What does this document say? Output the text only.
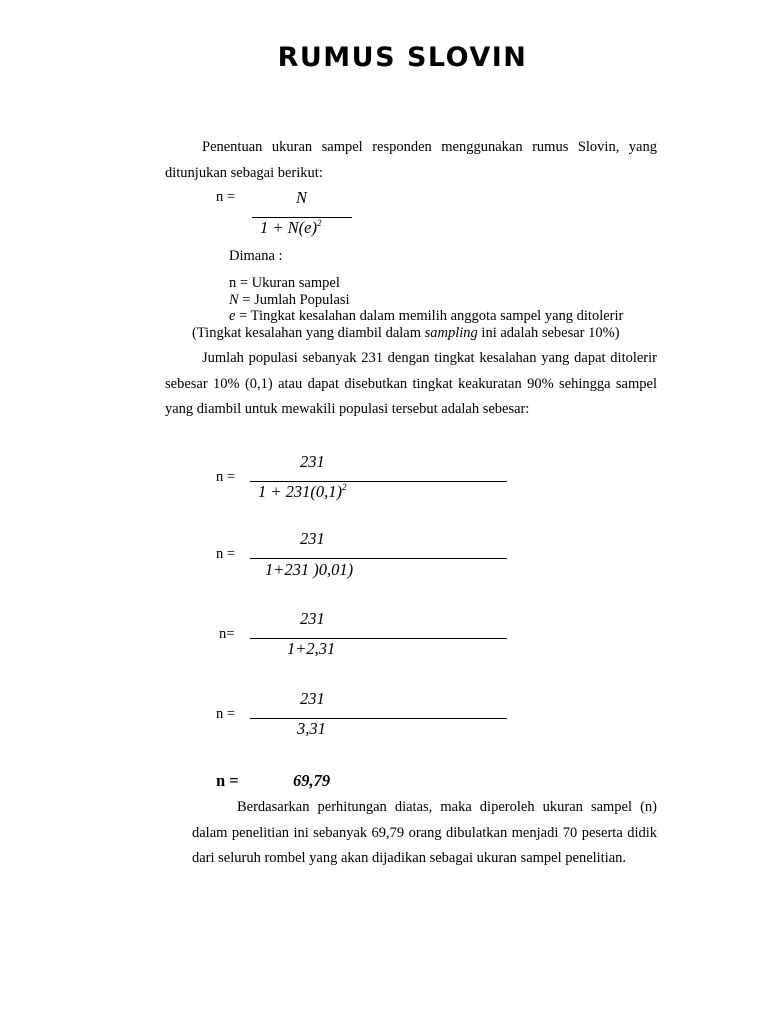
RUMUS SLOVIN
Penentuan ukuran sampel responden menggunakan rumus Slovin, yang ditunjukan sebagai berikut:
n =	N
$1 + N(e)^2$
Dimana :
n = Ukuran sampel
N = Jumlah Populasi
e = Tingkat kesalahan dalam memilih anggota sampel yang ditolerir
(Tingkat kesalahan yang diambil dalam sampling ini adalah sebesar 10%)
Jumlah populasi sebanyak 231 dengan tingkat kesalahan yang dapat ditolerir sebesar 10% (0,1) atau dapat disebutkan tingkat keakuratan 90% sehingga sampel yang diambil untuk mewakili populasi tersebut adalah sebesar:
n =
231
$1 + 231(0,1)^2$
n =
231
1+231 )0,01)
n=
231
1+2,31
n =
231
3,31
n =	69,79
Berdasarkan perhitungan diatas, maka diperoleh ukuran sampel (n) dalam penelitian ini sebanyak 69,79 orang dibulatkan menjadi 70 peserta didik dari seluruh rombel yang akan dijadikan sebagai ukuran sampel penelitian.
